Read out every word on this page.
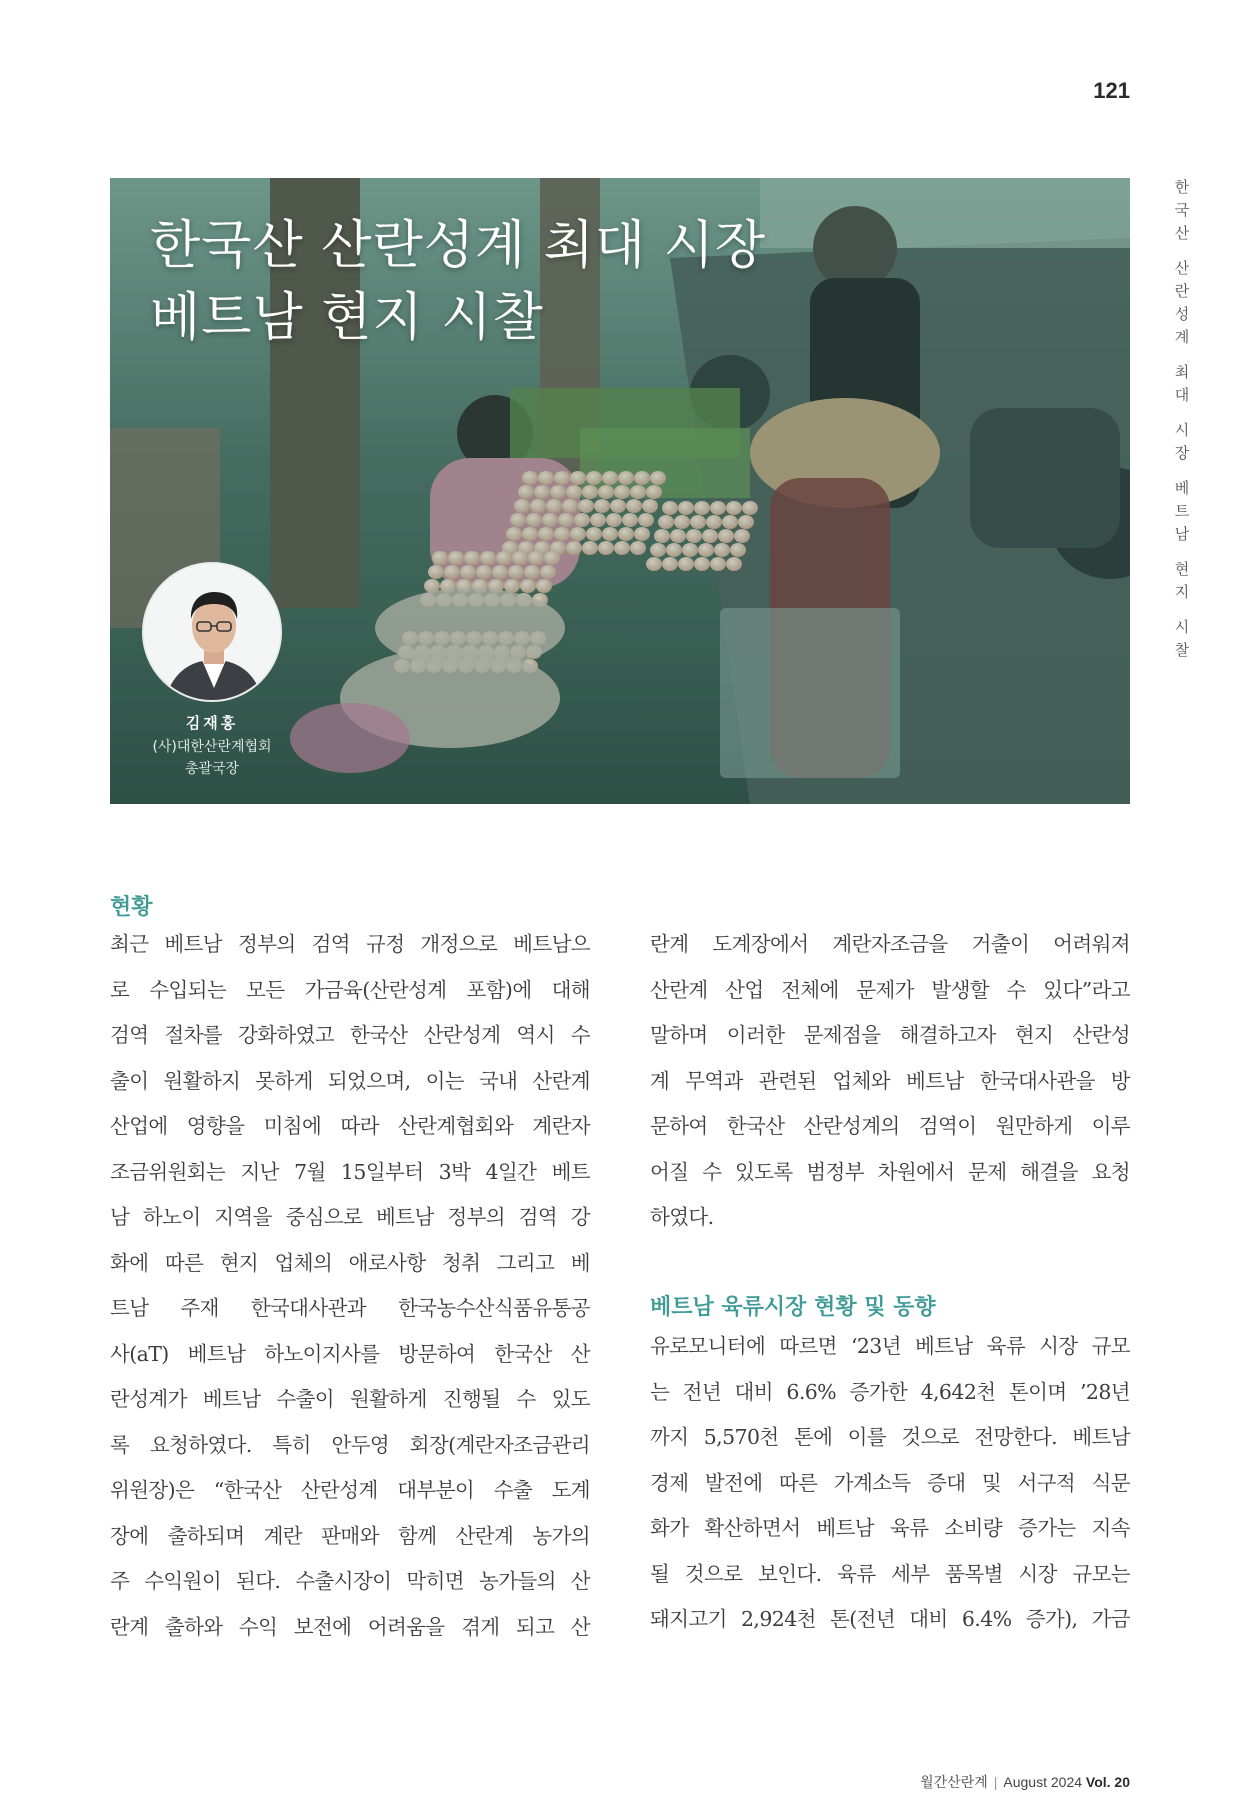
121
한
국
산
산
란
성
계
최
대
시
장
베
트
남
현
지
시
찰
한국산 산란성계 최대 시장
베트남 현지 시찰
김재홍
(사)대한산란계협회
총괄국장
현황
최근 베트남 정부의 검역 규정 개정으로 베트남으
로 수입되는 모든 가금육(산란성계 포함)에 대해
검역 절차를 강화하였고 한국산 산란성계 역시 수
출이 원활하지 못하게 되었으며, 이는 국내 산란계
산업에 영향을 미침에 따라 산란계협회와 계란자
조금위원회는 지난 7월 15일부터 3박 4일간 베트
남 하노이 지역을 중심으로 베트남 정부의 검역 강
화에 따른 현지 업체의 애로사항 청취 그리고 베
트남 주재 한국대사관과 한국농수산식품유통공
사(aT) 베트남 하노이지사를 방문하여 한국산 산
란성계가 베트남 수출이 원활하게 진행될 수 있도
록 요청하였다. 특히 안두영 회장(계란자조금관리
위원장)은 “한국산 산란성계 대부분이 수출 도계
장에 출하되며 계란 판매와 함께 산란계 농가의
주 수익원이 된다. 수출시장이 막히면 농가들의 산
란계 출하와 수익 보전에 어려움을 겪게 되고 산
란계 도계장에서 계란자조금을 거출이 어려워져
산란계 산업 전체에 문제가 발생할 수 있다”라고
말하며 이러한 문제점을 해결하고자 현지 산란성
계 무역과 관련된 업체와 베트남 한국대사관을 방
문하여 한국산 산란성계의 검역이 원만하게 이루
어질 수 있도록 범정부 차원에서 문제 해결을 요청
하였다.
베트남 육류시장 현황 및 동향
유로모니터에 따르면 ‘23년 베트남 육류 시장 규모
는 전년 대비 6.6% 증가한 4,642천 톤이며 ’28년
까지 5,570천 톤에 이를 것으로 전망한다. 베트남
경제 발전에 따른 가계소득 증대 및 서구적 식문
화가 확산하면서 베트남 육류 소비량 증가는 지속
될 것으로 보인다. 육류 세부 품목별 시장 규모는
돼지고기 2,924천 톤(전년 대비 6.4% 증가), 가금
월간산란계 | August 2024 Vol. 20
